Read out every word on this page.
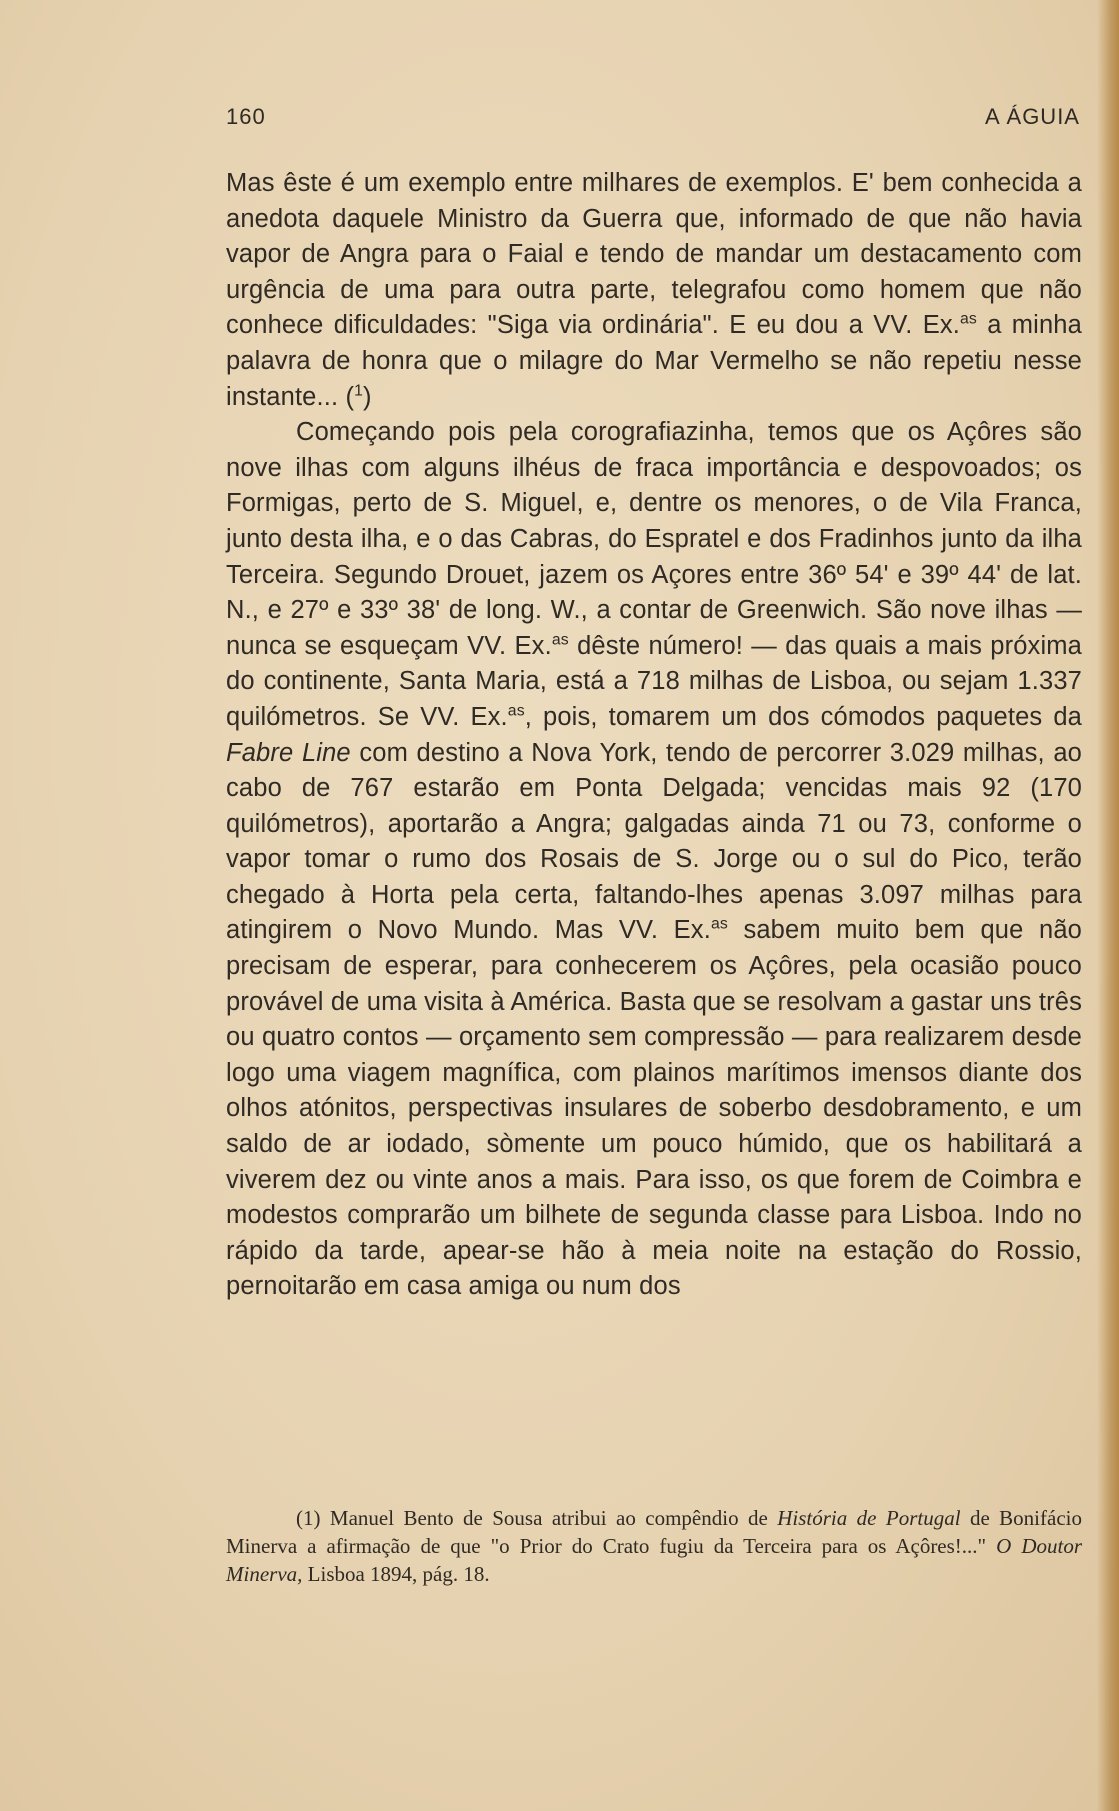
160	A ÁGUIA

Mas êste é um exemplo entre milhares de exemplos. E' bem conhecida a anedota daquele Ministro da Guerra que, informado de que não havia vapor de Angra para o Faial e tendo de mandar um destacamento com urgência de uma para outra parte, telegrafou como homem que não conhece dificuldades: "Siga via ordinária". E eu dou a VV. Ex.$^{as}$ a minha palavra de honra que o milagre do Mar Vermelho se não repetiu nesse instante... ($^1$)

Começando pois pela corografiazinha, temos que os Açôres são nove ilhas com alguns ilhéus de fraca importância e despovoados; os Formigas, perto de S. Miguel, e, dentre os menores, o de Vila Franca, junto desta ilha, e o das Cabras, do Espratel e dos Fradinhos junto da ilha Terceira. Segundo Drouet, jazem os Açores entre 36º 54' e 39º 44' de lat. N., e 27º e 33º 38' de long. W., a contar de Greenwich. São nove ilhas — nunca se esqueçam VV. Ex.$^{as}$ dêste número! — das quais a mais próxima do continente, Santa Maria, está a 718 milhas de Lisboa, ou sejam 1.337 quilómetros. Se VV. Ex.$^{as}$, pois, tomarem um dos cómodos paquetes da Fabre Line com destino a Nova York, tendo de percorrer 3.029 milhas, ao cabo de 767 estarão em Ponta Delgada; vencidas mais 92 (170 quilómetros), aportarão a Angra; galgadas ainda 71 ou 73, conforme o vapor tomar o rumo dos Rosais de S. Jorge ou o sul do Pico, terão chegado à Horta pela certa, faltando-lhes apenas 3.097 milhas para atingirem o Novo Mundo. Mas VV. Ex.$^{as}$ sabem muito bem que não precisam de esperar, para conhecerem os Açôres, pela ocasião pouco provável de uma visita à América. Basta que se resolvam a gastar uns três ou quatro contos — orçamento sem compressão — para realizarem desde logo uma viagem magnífica, com plainos marítimos imensos diante dos olhos atónitos, perspectivas insulares de soberbo desdobramento, e um saldo de ar iodado, sòmente um pouco húmido, que os habilitará a viverem dez ou vinte anos a mais. Para isso, os que forem de Coimbra e modestos comprarão um bilhete de segunda classe para Lisboa. Indo no rápido da tarde, apear-se hão à meia noite na estação do Rossio, pernoitarão em casa amiga ou num dos

(1) Manuel Bento de Sousa atribui ao compêndio de História de Portugal de Bonifácio Minerva a afirmação de que "o Prior do Crato fugiu da Terceira para os Açôres!..." O Doutor Minerva, Lisboa 1894, pág. 18.
